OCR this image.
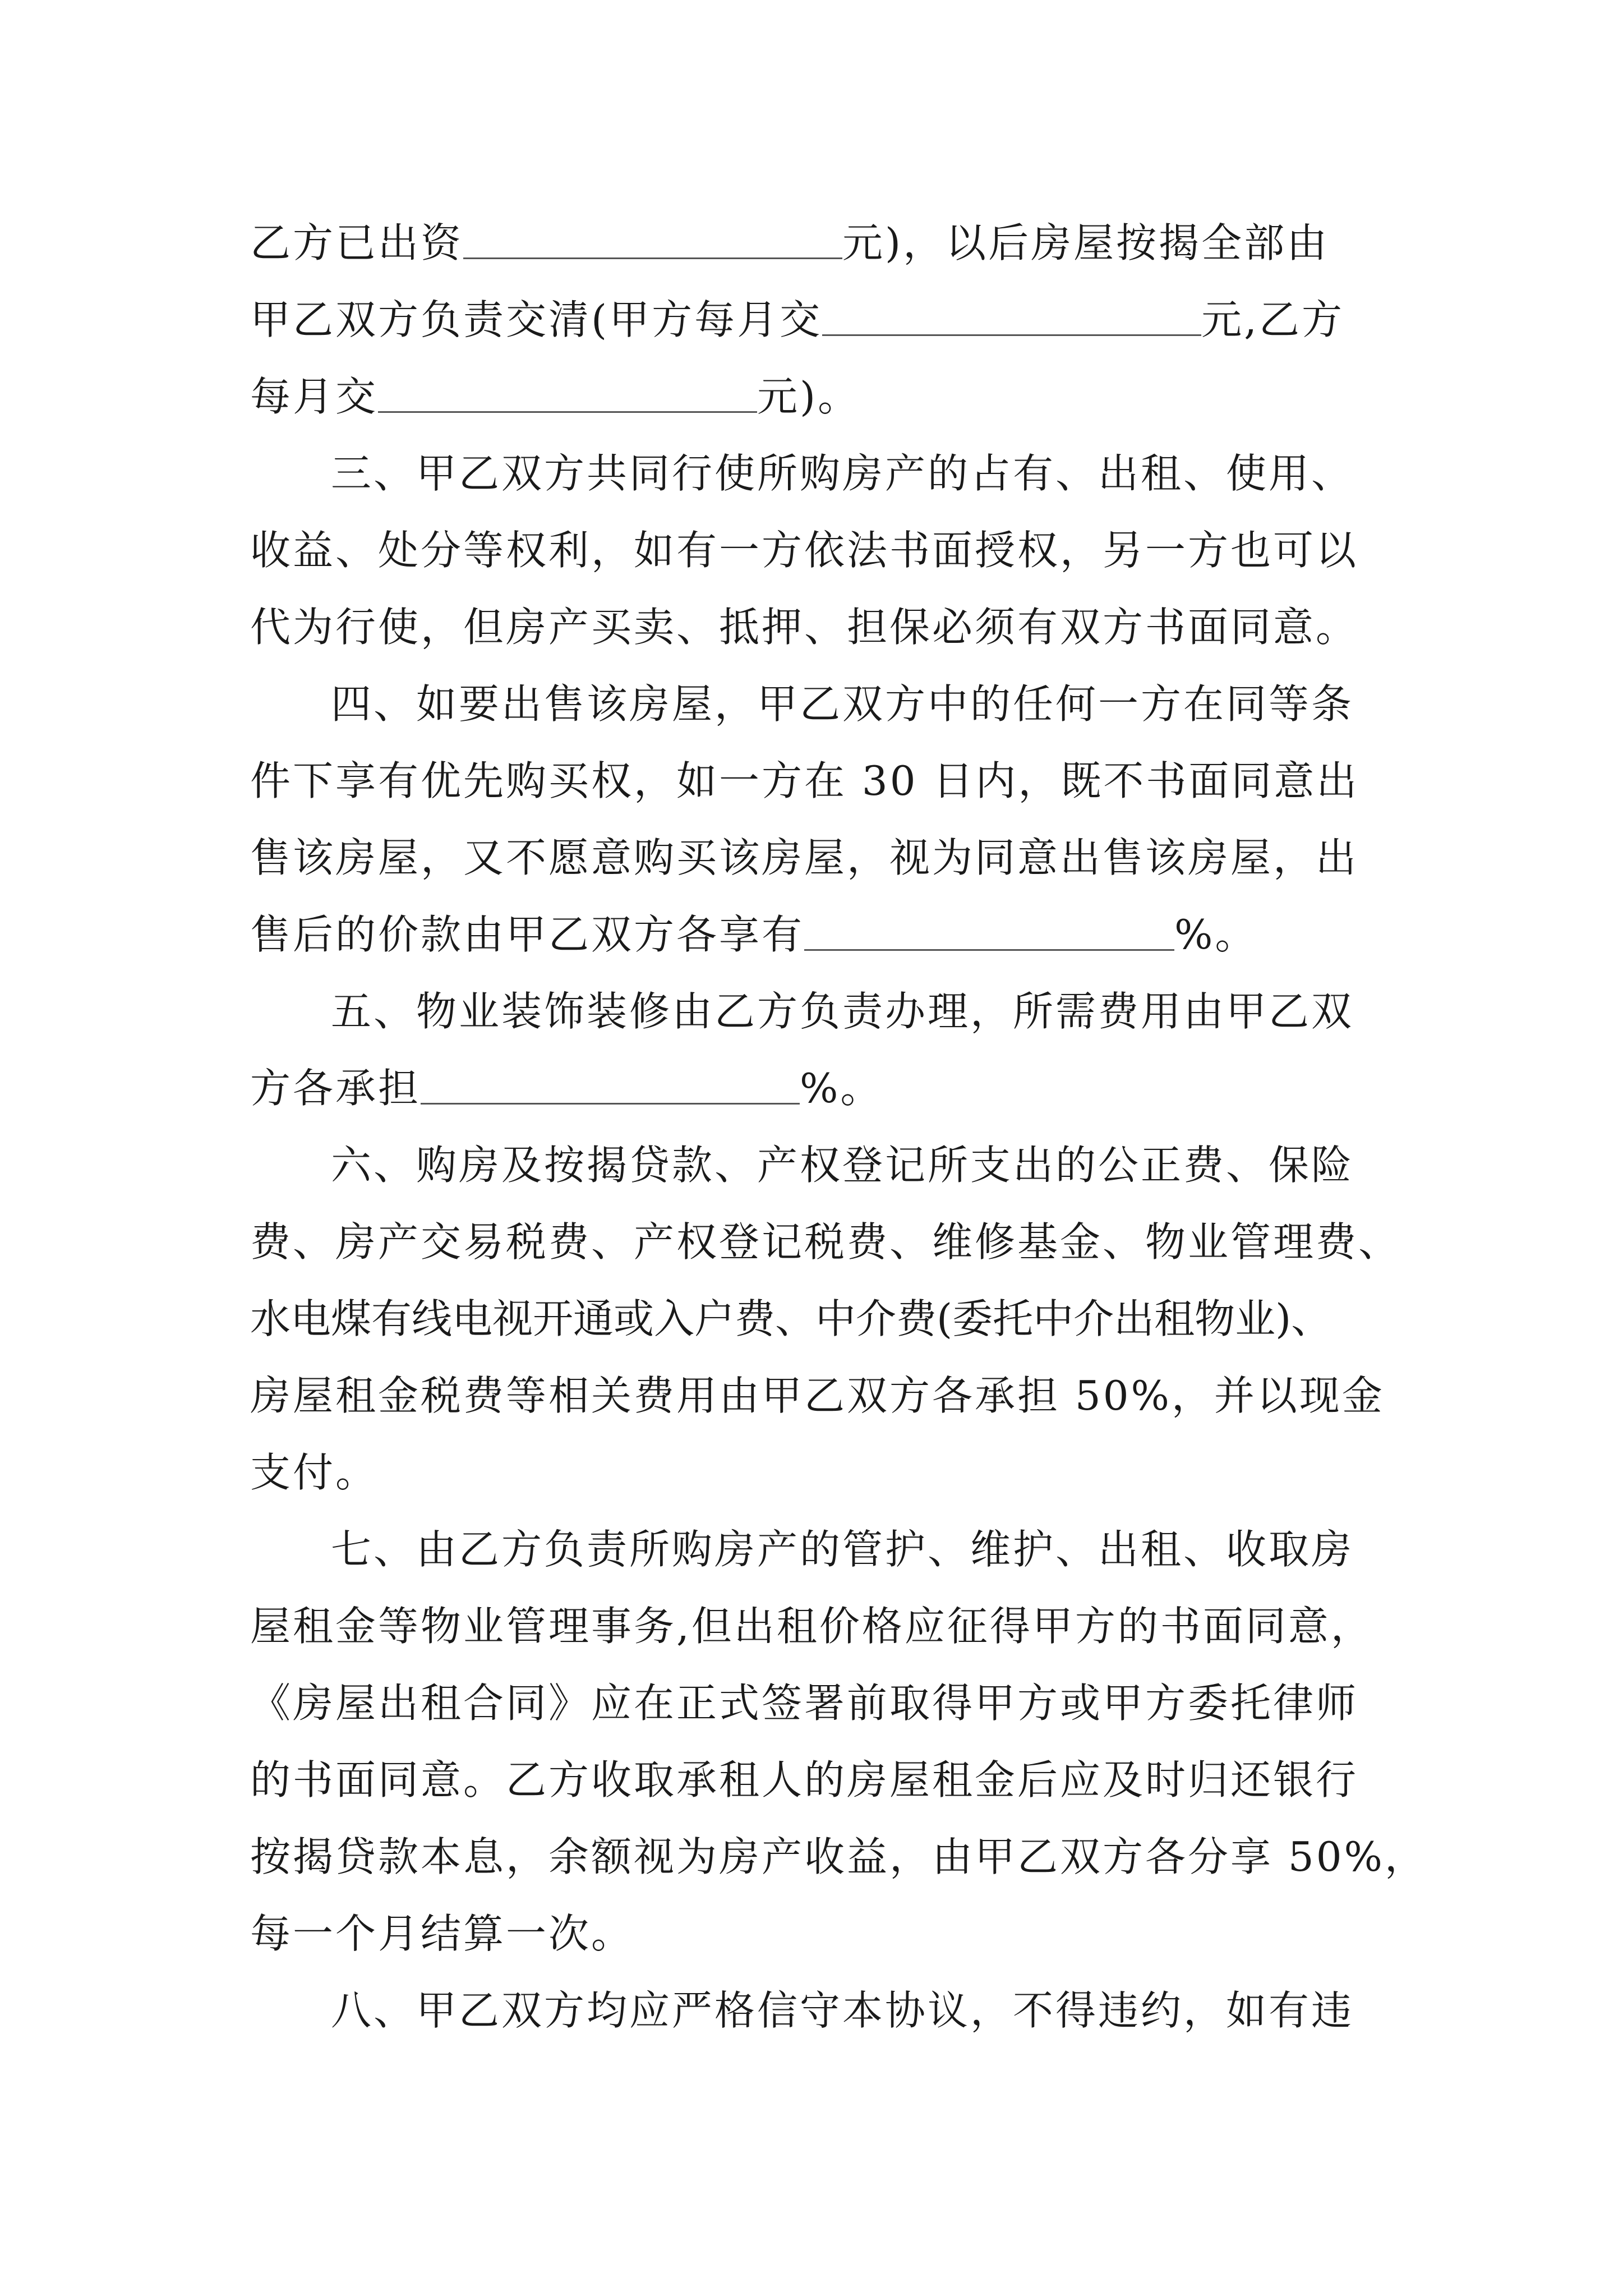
乙方已出资	元)，以后房屋按揭全部由
甲乙双方负责交清(甲方每月交	元,乙方
每月交	元)。
三、甲乙双方共同行使所购房产的占有、出租、使用、
收益、处分等权利，如有一方依法书面授权，另一方也可以
代为行使，但房产买卖、抵押、担保必须有双方书面同意。
四、如要出售该房屋，甲乙双方中的任何一方在同等条
件下享有优先购买权，如一方在 30 日内，既不书面同意出
售该房屋，又不愿意购买该房屋，视为同意出售该房屋，出
售后的价款由甲乙双方各享有	%。
五、物业装饰装修由乙方负责办理，所需费用由甲乙双
方各承担	%。
六、购房及按揭贷款、产权登记所支出的公正费、保险
费、房产交易税费、产权登记税费、维修基金、物业管理费、
水电煤有线电视开通或入户费、中介费(委托中介出租物业)、
房屋租金税费等相关费用由甲乙双方各承担 50%，并以现金
支付。
七、由乙方负责所购房产的管护、维护、出租、收取房
屋租金等物业管理事务,但出租价格应征得甲方的书面同意，
《房屋出租合同》应在正式签署前取得甲方或甲方委托律师
的书面同意。乙方收取承租人的房屋租金后应及时归还银行
按揭贷款本息，余额视为房产收益，由甲乙双方各分享 50%，
每一个月结算一次。
八、甲乙双方均应严格信守本协议，不得违约，如有违
